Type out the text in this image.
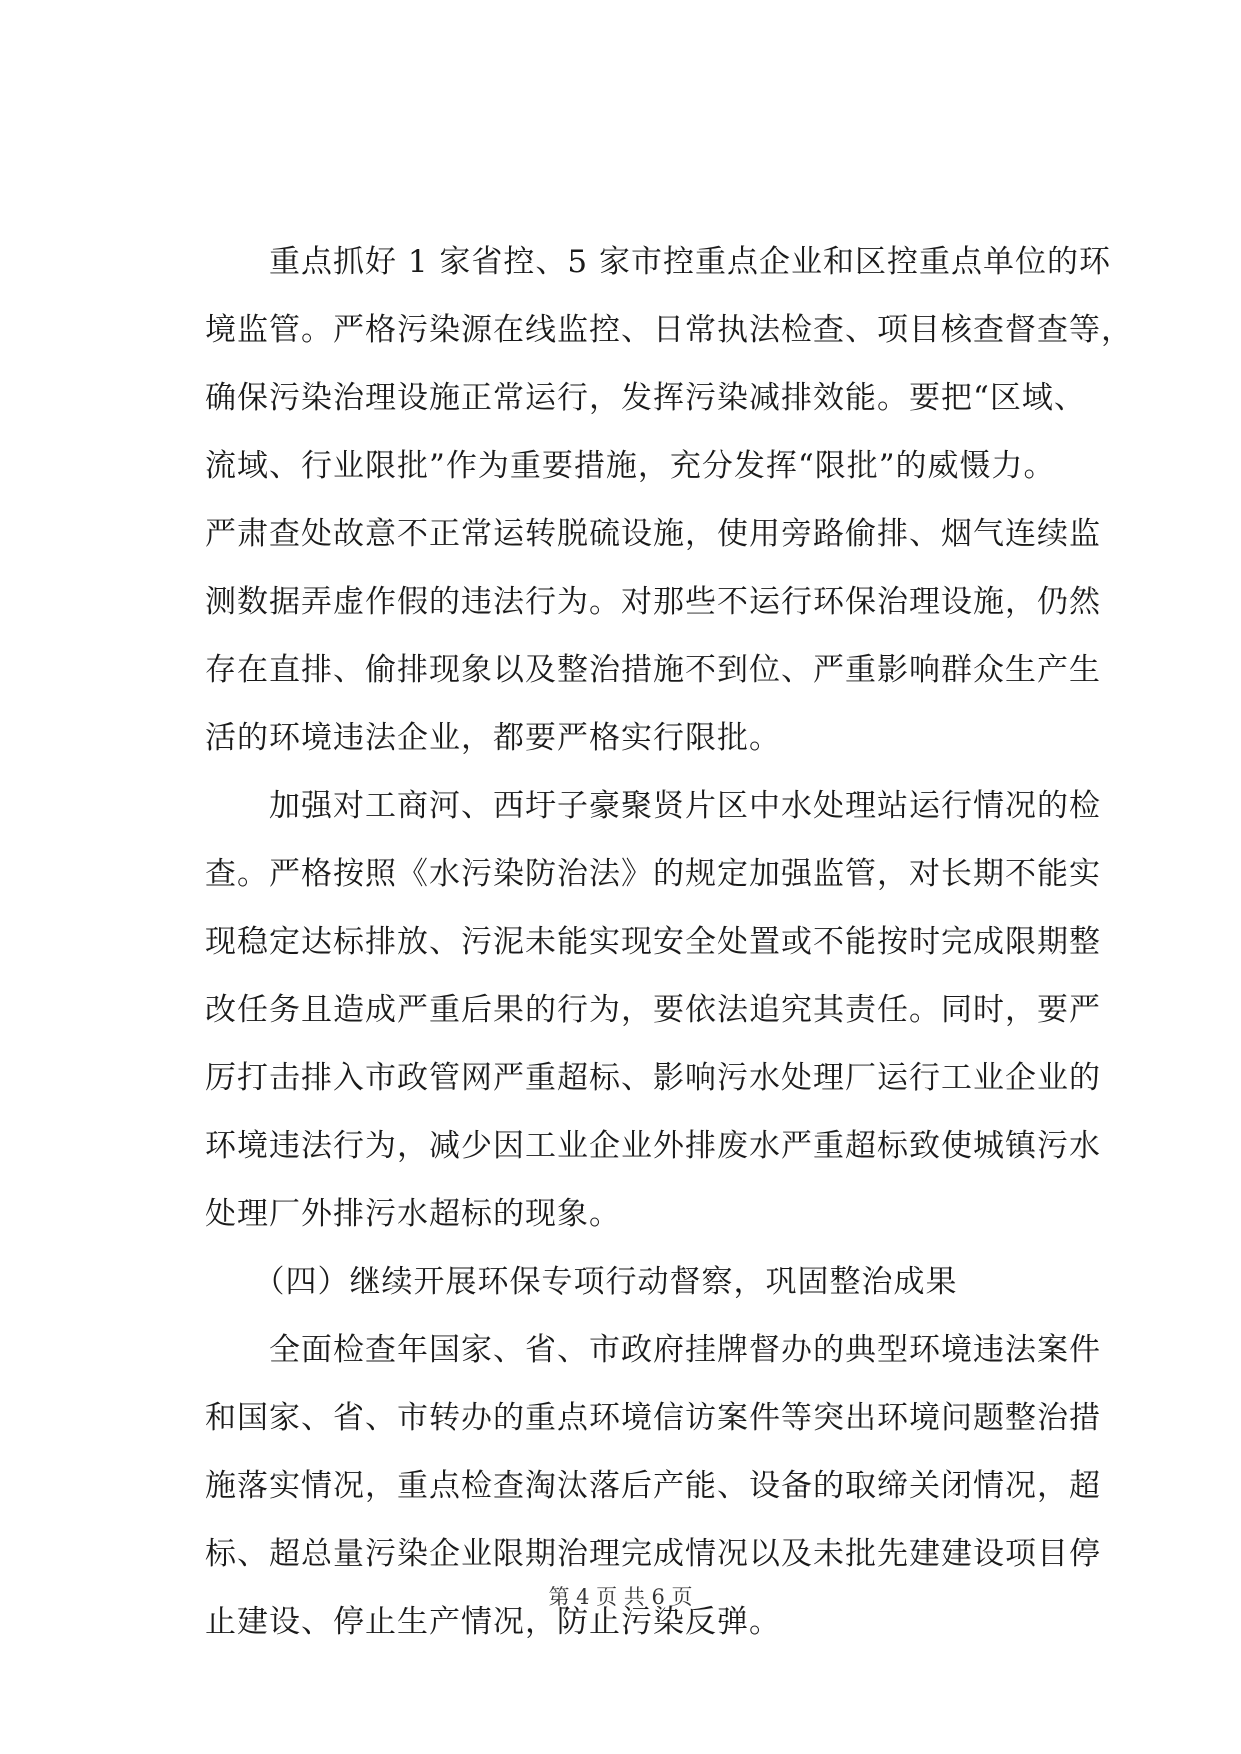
　　重点抓好 1 家省控、5 家市控重点企业和区控重点单位的环
境监管。严格污染源在线监控、日常执法检查、项目核查督查等，
确保污染治理设施正常运行，发挥污染减排效能。要把“区域、
流域、行业限批”作为重要措施，充分发挥“限批”的威慑力。
严肃查处故意不正常运转脱硫设施，使用旁路偷排、烟气连续监
测数据弄虚作假的违法行为。对那些不运行环保治理设施，仍然
存在直排、偷排现象以及整治措施不到位、严重影响群众生产生
活的环境违法企业，都要严格实行限批。
　　加强对工商河、西圩子豪聚贤片区中水处理站运行情况的检
查。严格按照《水污染防治法》的规定加强监管，对长期不能实
现稳定达标排放、污泥未能实现安全处置或不能按时完成限期整
改任务且造成严重后果的行为，要依法追究其责任。同时，要严
厉打击排入市政管网严重超标、影响污水处理厂运行工业企业的
环境违法行为，减少因工业企业外排废水严重超标致使城镇污水
处理厂外排污水超标的现象。
　　（四）继续开展环保专项行动督察，巩固整治成果
　　全面检查年国家、省、市政府挂牌督办的典型环境违法案件
和国家、省、市转办的重点环境信访案件等突出环境问题整治措
施落实情况，重点检查淘汰落后产能、设备的取缔关闭情况，超
标、超总量污染企业限期治理完成情况以及未批先建建设项目停
止建设、停止生产情况，防止污染反弹。
第 4 页 共 6 页
